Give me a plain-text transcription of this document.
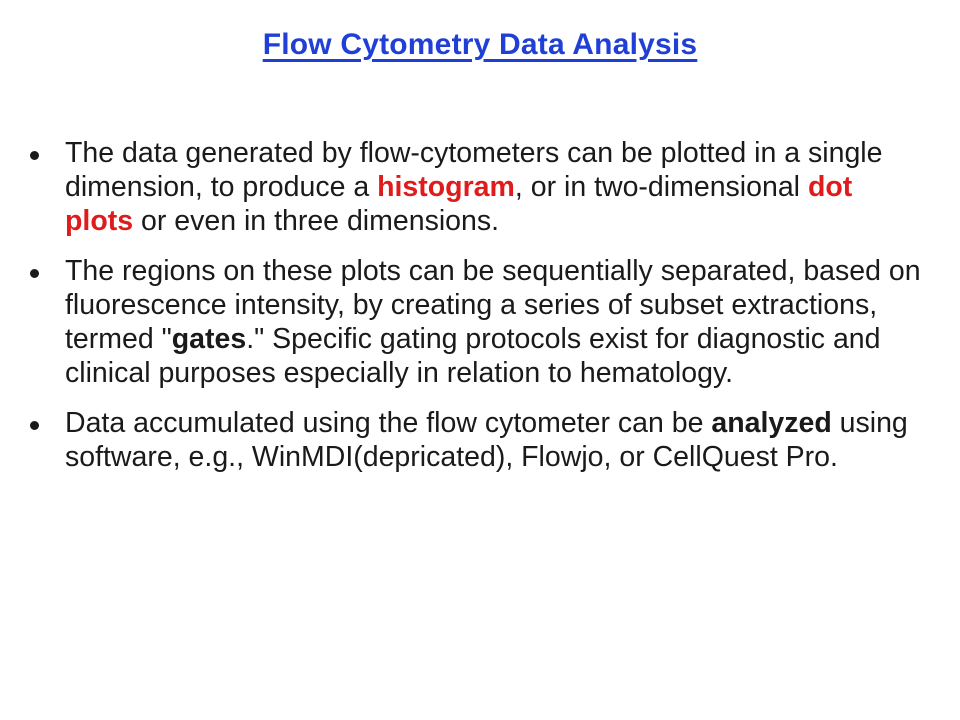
Flow Cytometry Data Analysis
The data generated by flow-cytometers can be plotted in a single dimension, to produce a histogram, or in two-dimensional dot plots or even in three dimensions.
The regions on these plots can be sequentially separated, based on fluorescence intensity, by creating a series of subset extractions, termed "gates." Specific gating protocols exist for diagnostic and clinical purposes especially in relation to hematology.
Data accumulated using the flow cytometer can be analyzed using software, e.g., WinMDI(depricated), Flowjo, or CellQuest Pro.
